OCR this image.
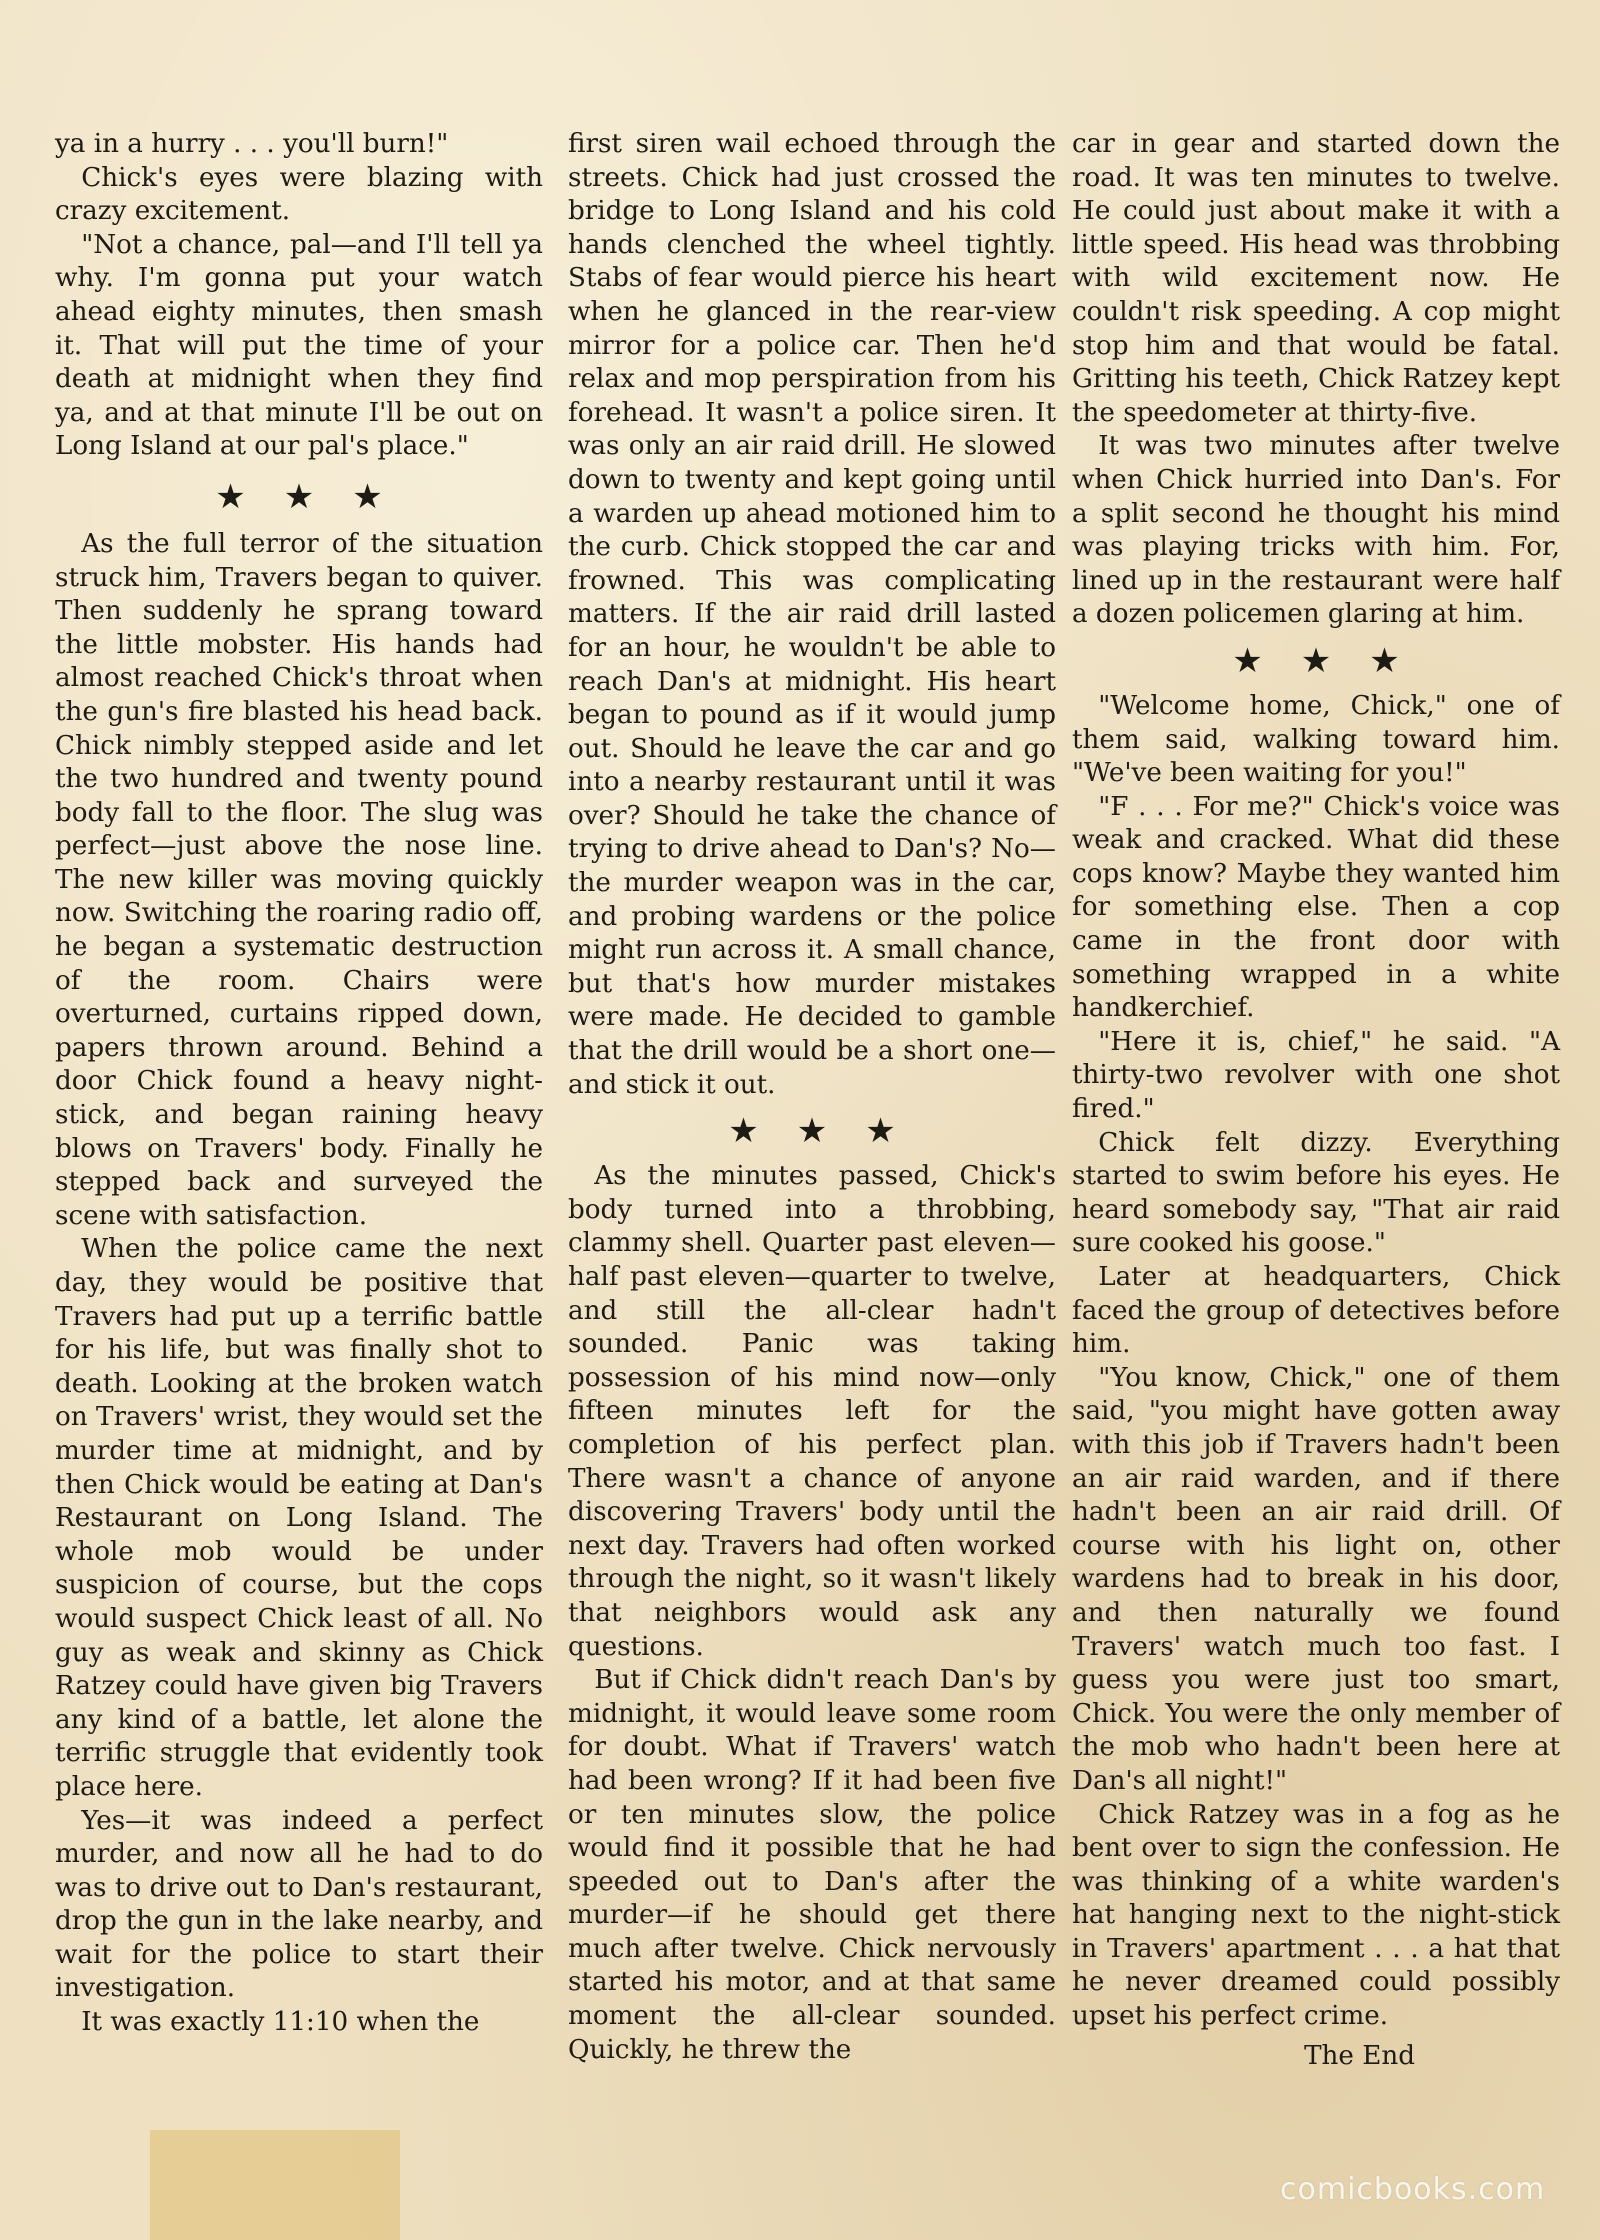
ya in a hurry . . . you'll burn!"

Chick's eyes were blazing with crazy excitement.

"Not a chance, pal—and I'll tell ya why. I'm gonna put your watch ahead eighty minutes, then smash it. That will put the time of your death at midnight when they find ya, and at that minute I'll be out on Long Island at our pal's place."

★★★

As the full terror of the situation struck him, Travers began to quiver. Then suddenly he sprang toward the little mobster. His hands had almost reached Chick's throat when the gun's fire blasted his head back. Chick nimbly stepped aside and let the two hundred and twenty pound body fall to the floor. The slug was perfect—just above the nose line. The new killer was moving quickly now. Switching the roaring radio off, he began a systematic destruction of the room. Chairs were overturned, curtains ripped down, papers thrown around. Behind a door Chick found a heavy night-stick, and began raining heavy blows on Travers' body. Finally he stepped back and surveyed the scene with satisfaction.

When the police came the next day, they would be positive that Travers had put up a terrific battle for his life, but was finally shot to death. Looking at the broken watch on Travers' wrist, they would set the murder time at midnight, and by then Chick would be eating at Dan's Restaurant on Long Island. The whole mob would be under suspicion of course, but the cops would suspect Chick least of all. No guy as weak and skinny as Chick Ratzey could have given big Travers any kind of a battle, let alone the terrific struggle that evidently took place here.

Yes—it was indeed a perfect murder, and now all he had to do was to drive out to Dan's restaurant, drop the gun in the lake nearby, and wait for the police to start their investigation.

It was exactly 11:10 when the

first siren wail echoed through the streets. Chick had just crossed the bridge to Long Island and his cold hands clenched the wheel tightly. Stabs of fear would pierce his heart when he glanced in the rear-view mirror for a police car. Then he'd relax and mop perspiration from his forehead. It wasn't a police siren. It was only an air raid drill. He slowed down to twenty and kept going until a warden up ahead motioned him to the curb. Chick stopped the car and frowned. This was complicating matters. If the air raid drill lasted for an hour, he wouldn't be able to reach Dan's at midnight. His heart began to pound as if it would jump out. Should he leave the car and go into a nearby restaurant until it was over? Should he take the chance of trying to drive ahead to Dan's? No—the murder weapon was in the car, and probing wardens or the police might run across it. A small chance, but that's how murder mistakes were made. He decided to gamble that the drill would be a short one—and stick it out.

★★★

As the minutes passed, Chick's body turned into a throbbing, clammy shell. Quarter past eleven—half past eleven—quarter to twelve, and still the all-clear hadn't sounded. Panic was taking possession of his mind now—only fifteen minutes left for the completion of his perfect plan. There wasn't a chance of anyone discovering Travers' body until the next day. Travers had often worked through the night, so it wasn't likely that neighbors would ask any questions.

But if Chick didn't reach Dan's by midnight, it would leave some room for doubt. What if Travers' watch had been wrong? If it had been five or ten minutes slow, the police would find it possible that he had speeded out to Dan's after the murder—if he should get there much after twelve. Chick nervously started his motor, and at that same moment the all-clear sounded. Quickly, he threw the

car in gear and started down the road. It was ten minutes to twelve. He could just about make it with a little speed. His head was throbbing with wild excitement now. He couldn't risk speeding. A cop might stop him and that would be fatal. Gritting his teeth, Chick Ratzey kept the speedometer at thirty-five.

It was two minutes after twelve when Chick hurried into Dan's. For a split second he thought his mind was playing tricks with him. For, lined up in the restaurant were half a dozen policemen glaring at him.

★★★

"Welcome home, Chick," one of them said, walking toward him. "We've been waiting for you!"

"F . . . For me?" Chick's voice was weak and cracked. What did these cops know? Maybe they wanted him for something else. Then a cop came in the front door with something wrapped in a white handkerchief.

"Here it is, chief," he said. "A thirty-two revolver with one shot fired."

Chick felt dizzy. Everything started to swim before his eyes. He heard somebody say, "That air raid sure cooked his goose."

Later at headquarters, Chick faced the group of detectives before him.

"You know, Chick," one of them said, "you might have gotten away with this job if Travers hadn't been an air raid warden, and if there hadn't been an air raid drill. Of course with his light on, other wardens had to break in his door, and then naturally we found Travers' watch much too fast. I guess you were just too smart, Chick. You were the only member of the mob who hadn't been here at Dan's all night!"

Chick Ratzey was in a fog as he bent over to sign the confession. He was thinking of a white warden's hat hanging next to the night-stick in Travers' apartment . . . a hat that he never dreamed could possibly upset his perfect crime.

The End
comicbooks.com
